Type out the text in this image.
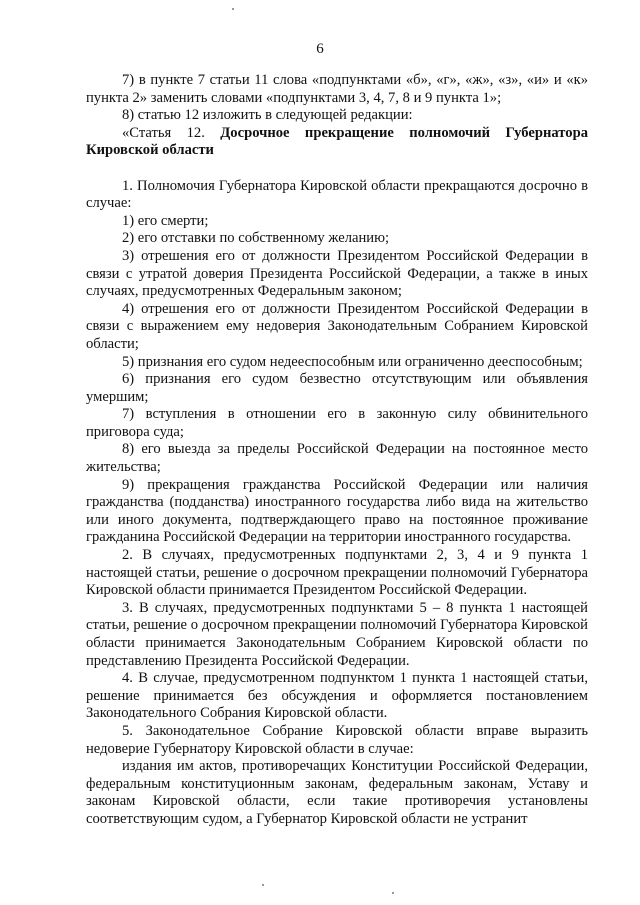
6

7) в пункте 7 статьи 11 слова «подпунктами «б», «г», «ж», «з», «и» и «к» пункта 2» заменить словами «подпунктами 3, 4, 7, 8 и 9 пункта 1»;

8) статью 12 изложить в следующей редакции:

«Статья 12. Досрочное прекращение полномочий Губернатора Кировской области

1. Полномочия Губернатора Кировской области прекращаются досрочно в случае:

1) его смерти;

2) его отставки по собственному желанию;

3) отрешения его от должности Президентом Российской Федерации в связи с утратой доверия Президента Российской Федерации, а также в иных случаях, предусмотренных Федеральным законом;

4) отрешения его от должности Президентом Российской Федерации в связи с выражением ему недоверия Законодательным Собранием Кировской области;

5) признания его судом недееспособным или ограниченно дееспособным;

6) признания его судом безвестно отсутствующим или объявления умершим;

7) вступления в отношении его в законную силу обвинительного приговора суда;

8) его выезда за пределы Российской Федерации на постоянное место жительства;

9) прекращения гражданства Российской Федерации или наличия гражданства (подданства) иностранного государства либо вида на жительство или иного документа, подтверждающего право на постоянное проживание гражданина Российской Федерации на территории иностранного государства.

2. В случаях, предусмотренных подпунктами 2, 3, 4 и 9 пункта 1 настоящей статьи, решение о досрочном прекращении полномочий Губернатора Кировской области принимается Президентом Российской Федерации.

3. В случаях, предусмотренных подпунктами 5 – 8 пункта 1 настоящей статьи, решение о досрочном прекращении полномочий Губернатора Кировской области принимается Законодательным Собранием Кировской области по представлению Президента Российской Федерации.

4. В случае, предусмотренном подпунктом 1 пункта 1 настоящей статьи, решение принимается без обсуждения и оформляется постановлением Законодательного Собрания Кировской области.

5. Законодательное Собрание Кировской области вправе выразить недоверие Губернатору Кировской области в случае:

издания им актов, противоречащих Конституции Российской Федерации, федеральным конституционным законам, федеральным законам, Уставу и законам Кировской области, если такие противоречия установлены соответствующим судом, а Губернатор Кировской области не устранит
